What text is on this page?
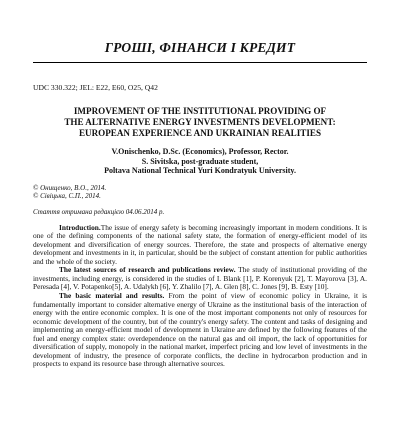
ГРОШІ, ФІНАНСИ І КРЕДИТ
UDC 330.322; JEL: E22, E60, O25, Q42
IMPROVEMENT OF THE INSTITUTIONAL PROVIDING OF
THE ALTERNATIVE ENERGY INVESTMENTS DEVELOPMENT:
EUROPEAN EXPERIENCE AND UKRAINIAN REALITIES
V.Onischenko, D.Sc. (Economics), Professor, Rector.
S. Sivitska, post-graduate student,
Poltava National Technical Yuri Kondratyuk University.
© Онищенко, В.О., 2014.
© Сівіцька, С.П., 2014.
Стаття отримана редакцією 04.06.2014 р.

Introduction.The issue of energy safety is becoming increasingly important in modern conditions. It is one of the defining components of the national safety state, the formation of energy-efficient model of its development and diversification of energy sources. Therefore, the state and prospects of alternative energy development and investments in it, in particular, should be the subject of constant attention for public authorities and the whole of the society.

The latest sources of research and publications review. The study of institutional providing of the investments, including energy, is considered in the studies of I. Blank [1], P. Korenyuk [2], T. Mayorova [3], A. Peresada [4], V. Potapenko[5], A. Udalykh [6], Y. Zhalilo [7], A. Glen [8], C. Jones [9], B. Esty [10].

The basic material and results. From the point of view of economic policy in Ukraine, it is fundamentally important to consider alternative energy of Ukraine as the institutional basis of the interaction of energy with the entire economic complex. It is one of the most important components not only of resources for economic development of the country, but of the country's energy safety. The content and tasks of designing and implementing an energy-efficient model of development in Ukraine are defined by the following features of the fuel and energy complex state: overdependence on the natural gas and oil import, the lack of opportunities for diversification of supply, monopoly in the national market, imperfect pricing and low level of investments in the development of industry, the presence of corporate conflicts, the decline in hydrocarbon production and in prospects to expand its resource base through alternative sources.
